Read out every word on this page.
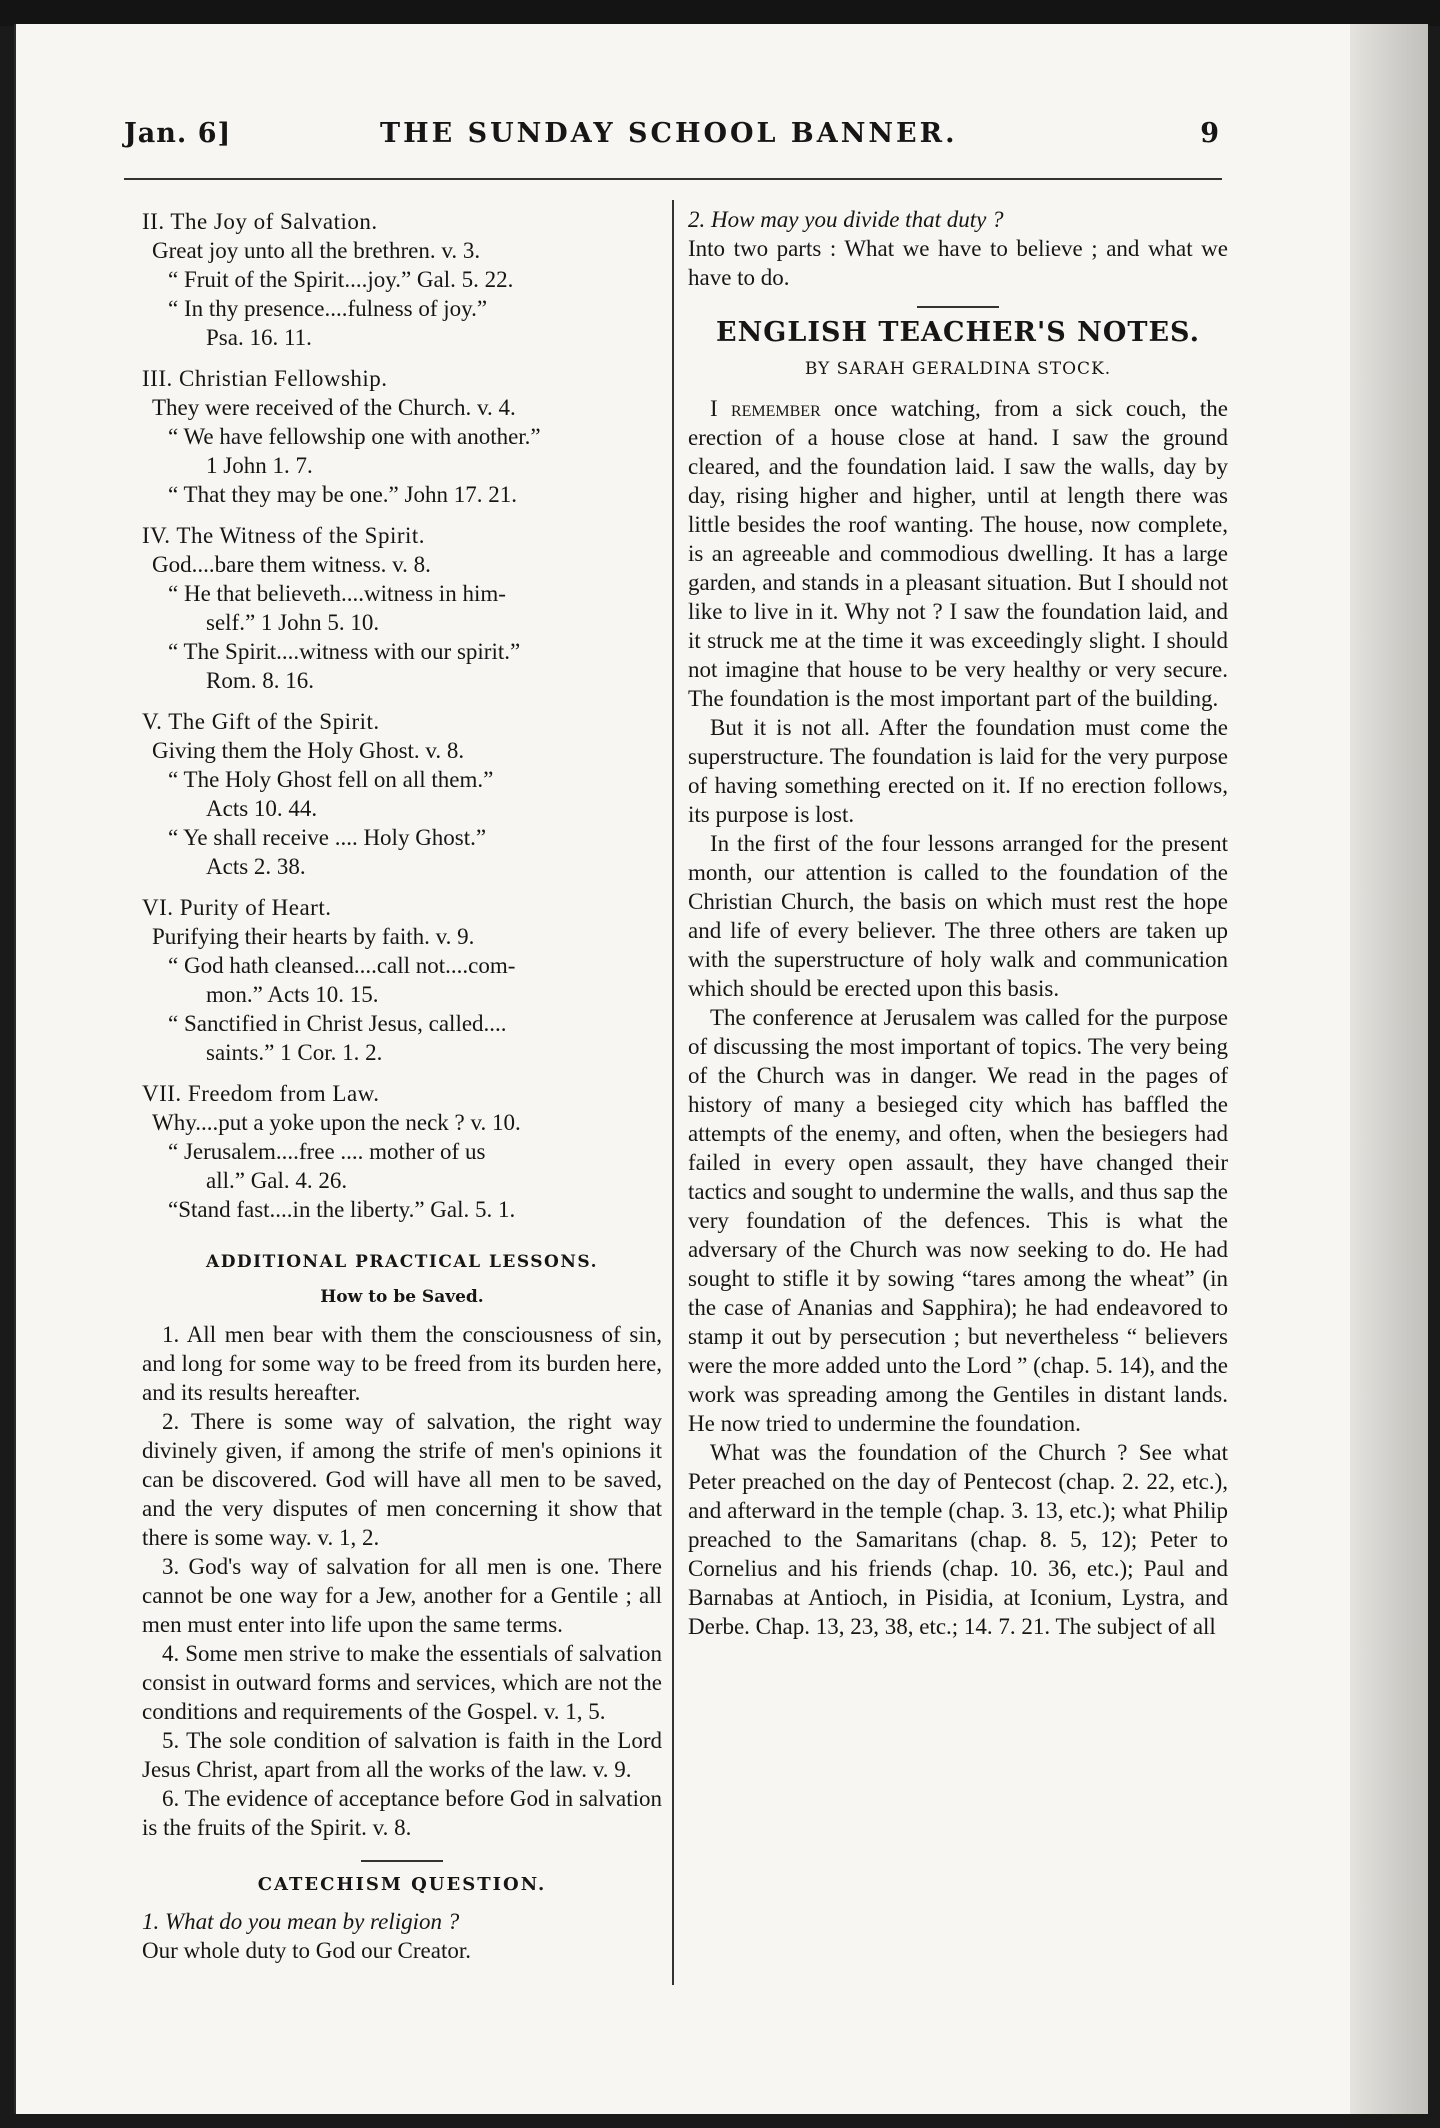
Jan. 6]	THE SUNDAY SCHOOL BANNER.	9
II. The Joy of Salvation.
Great joy unto all the brethren. v. 3.
“ Fruit of the Spirit....joy.” Gal. 5. 22.
“ In thy presence....fulness of joy.”
Psa. 16. 11.
III. Christian Fellowship.
They were received of the Church. v. 4.
“ We have fellowship one with another.”
1 John 1. 7.
“ That they may be one.” John 17. 21.
IV. The Witness of the Spirit.
God....bare them witness. v. 8.
“ He that believeth....witness in him-
self.” 1 John 5. 10.
“ The Spirit....witness with our spirit.”
Rom. 8. 16.
V. The Gift of the Spirit.
Giving them the Holy Ghost. v. 8.
“ The Holy Ghost fell on all them.”
Acts 10. 44.
“ Ye shall receive .... Holy Ghost.”
Acts 2. 38.
VI. Purity of Heart.
Purifying their hearts by faith. v. 9.
“ God hath cleansed....call not....com-
mon.” Acts 10. 15.
“ Sanctified in Christ Jesus, called....
saints.” 1 Cor. 1. 2.
VII. Freedom from Law.
Why....put a yoke upon the neck ? v. 10.
“ Jerusalem....free .... mother of us
all.” Gal. 4. 26.
“Stand fast....in the liberty.” Gal. 5. 1.
ADDITIONAL PRACTICAL LESSONS.
How to be Saved.
1. All men bear with them the consciousness of sin, and long for some way to be freed from its burden here, and its results hereafter.
2. There is some way of salvation, the right way divinely given, if among the strife of men's opinions it can be discovered. God will have all men to be saved, and the very disputes of men concerning it show that there is some way. v. 1, 2.
3. God's way of salvation for all men is one. There cannot be one way for a Jew, another for a Gentile ; all men must enter into life upon the same terms.
4. Some men strive to make the essentials of salvation consist in outward forms and services, which are not the conditions and requirements of the Gospel. v. 1, 5.
5. The sole condition of salvation is faith in the Lord Jesus Christ, apart from all the works of the law. v. 9.
6. The evidence of acceptance before God in salvation is the fruits of the Spirit. v. 8.
CATECHISM QUESTION.
1. What do you mean by religion ?
Our whole duty to God our Creator.
2. How may you divide that duty ?
Into two parts : What we have to believe ; and what we have to do.
ENGLISH TEACHER'S NOTES.
BY SARAH GERALDINA STOCK.
I remember once watching, from a sick couch, the erection of a house close at hand. I saw the ground cleared, and the foundation laid. I saw the walls, day by day, rising higher and higher, until at length there was little besides the roof wanting. The house, now complete, is an agreeable and commodious dwelling. It has a large garden, and stands in a pleasant situation. But I should not like to live in it. Why not ? I saw the foundation laid, and it struck me at the time it was exceedingly slight. I should not imagine that house to be very healthy or very secure. The foundation is the most important part of the building.
But it is not all. After the foundation must come the superstructure. The foundation is laid for the very purpose of having something erected on it. If no erection follows, its purpose is lost.
In the first of the four lessons arranged for the present month, our attention is called to the foundation of the Christian Church, the basis on which must rest the hope and life of every believer. The three others are taken up with the superstructure of holy walk and communication which should be erected upon this basis.
The conference at Jerusalem was called for the purpose of discussing the most important of topics. The very being of the Church was in danger. We read in the pages of history of many a besieged city which has baffled the attempts of the enemy, and often, when the besiegers had failed in every open assault, they have changed their tactics and sought to undermine the walls, and thus sap the very foundation of the defences. This is what the adversary of the Church was now seeking to do. He had sought to stifle it by sowing “tares among the wheat” (in the case of Ananias and Sapphira); he had endeavored to stamp it out by persecution ; but nevertheless “ believers were the more added unto the Lord ” (chap. 5. 14), and the work was spreading among the Gentiles in distant lands. He now tried to undermine the foundation.
What was the foundation of the Church ? See what Peter preached on the day of Pentecost (chap. 2. 22, etc.), and afterward in the temple (chap. 3. 13, etc.); what Philip preached to the Samaritans (chap. 8. 5, 12); Peter to Cornelius and his friends (chap. 10. 36, etc.); Paul and Barnabas at Antioch, in Pisidia, at Iconium, Lystra, and Derbe. Chap. 13, 23, 38, etc.; 14. 7. 21. The subject of all
